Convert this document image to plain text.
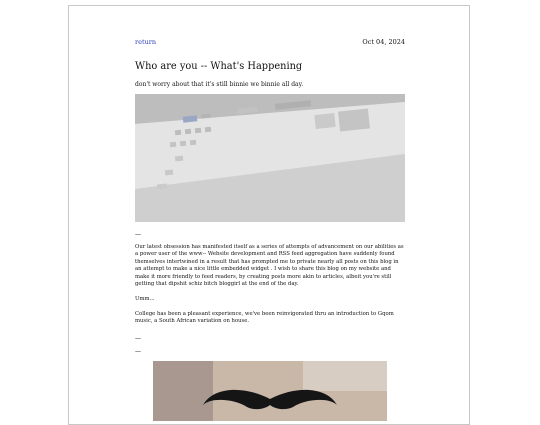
return	Oct 04, 2024
Who are you -- What's Happening
don't worry about that it's still binnie we binnie all day.
—

Our latest obsession has manifested itself as a series of attempts of advancement on our abilities as a power user of the www-- Website development and RSS feed aggregation have suddenly found themselves intertwined in a result that has prompted me to private nearly all posts on this blog in an attempt to make a nice little embedded widget . I wish to share this blog on my website and make it more friendly to feed readers, by creating posts more akin to articles, albeit you're still getting that dipshit schiz bitch bloggirl at the end of the day.

Umm...

College has been a pleasant experience, we've been reinvigorated thru an introduction to Gqom music, a South African variation on house.

—
—
